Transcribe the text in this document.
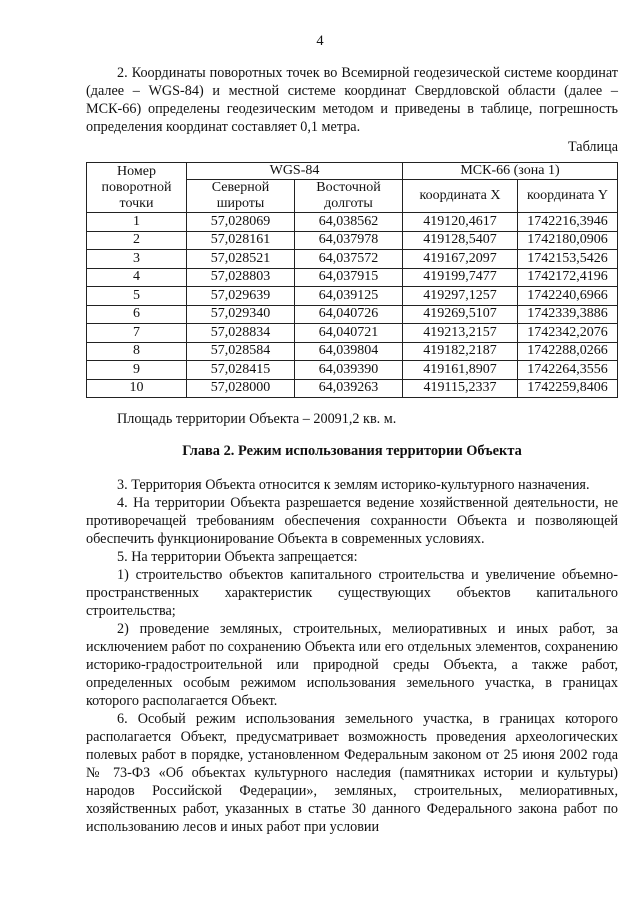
4

2. Координаты поворотных точек во Всемирной геодезической системе координат (далее – WGS-84) и местной системе координат Свердловской области (далее – МСК-66) определены геодезическим методом и приведены в таблице, погрешность определения координат составляет 0,1 метра.

Таблица

Номер поворотной точки	WGS-84		МСК-66 (зона 1)	
	Северной широты	Восточной долготы	координата X	координата Y
1	57,028069	64,038562	419120,4617	1742216,3946
2	57,028161	64,037978	419128,5407	1742180,0906
3	57,028521	64,037572	419167,2097	1742153,5426
4	57,028803	64,037915	419199,7477	1742172,4196
5	57,029639	64,039125	419297,1257	1742240,6966
6	57,029340	64,040726	419269,5107	1742339,3886
7	57,028834	64,040721	419213,2157	1742342,2076
8	57,028584	64,039804	419182,2187	1742288,0266
9	57,028415	64,039390	419161,8907	1742264,3556
10	57,028000	64,039263	419115,2337	1742259,8406

Площадь территории Объекта – 20091,2 кв. м.

Глава 2. Режим использования территории Объекта

3. Территория Объекта относится к землям историко-культурного назначения.

4. На территории Объекта разрешается ведение хозяйственной деятельности, не противоречащей требованиям обеспечения сохранности Объекта и позволяющей обеспечить функционирование Объекта в современных условиях.

5. На территории Объекта запрещается:

1) строительство объектов капитального строительства и увеличение объемно-пространственных характеристик существующих объектов капитального строительства;

2) проведение земляных, строительных, мелиоративных и иных работ, за исключением работ по сохранению Объекта или его отдельных элементов, сохранению историко-градостроительной или природной среды Объекта, а также работ, определенных особым режимом использования земельного участка, в границах которого располагается Объект.

6. Особый режим использования земельного участка, в границах которого располагается Объект, предусматривает возможность проведения археологических полевых работ в порядке, установленном Федеральным законом от 25 июня 2002 года № 73-ФЗ «Об объектах культурного наследия (памятниках истории и культуры) народов Российской Федерации», земляных, строительных, мелиоративных, хозяйственных работ, указанных в статье 30 данного Федерального закона работ по использованию лесов и иных работ при условии
